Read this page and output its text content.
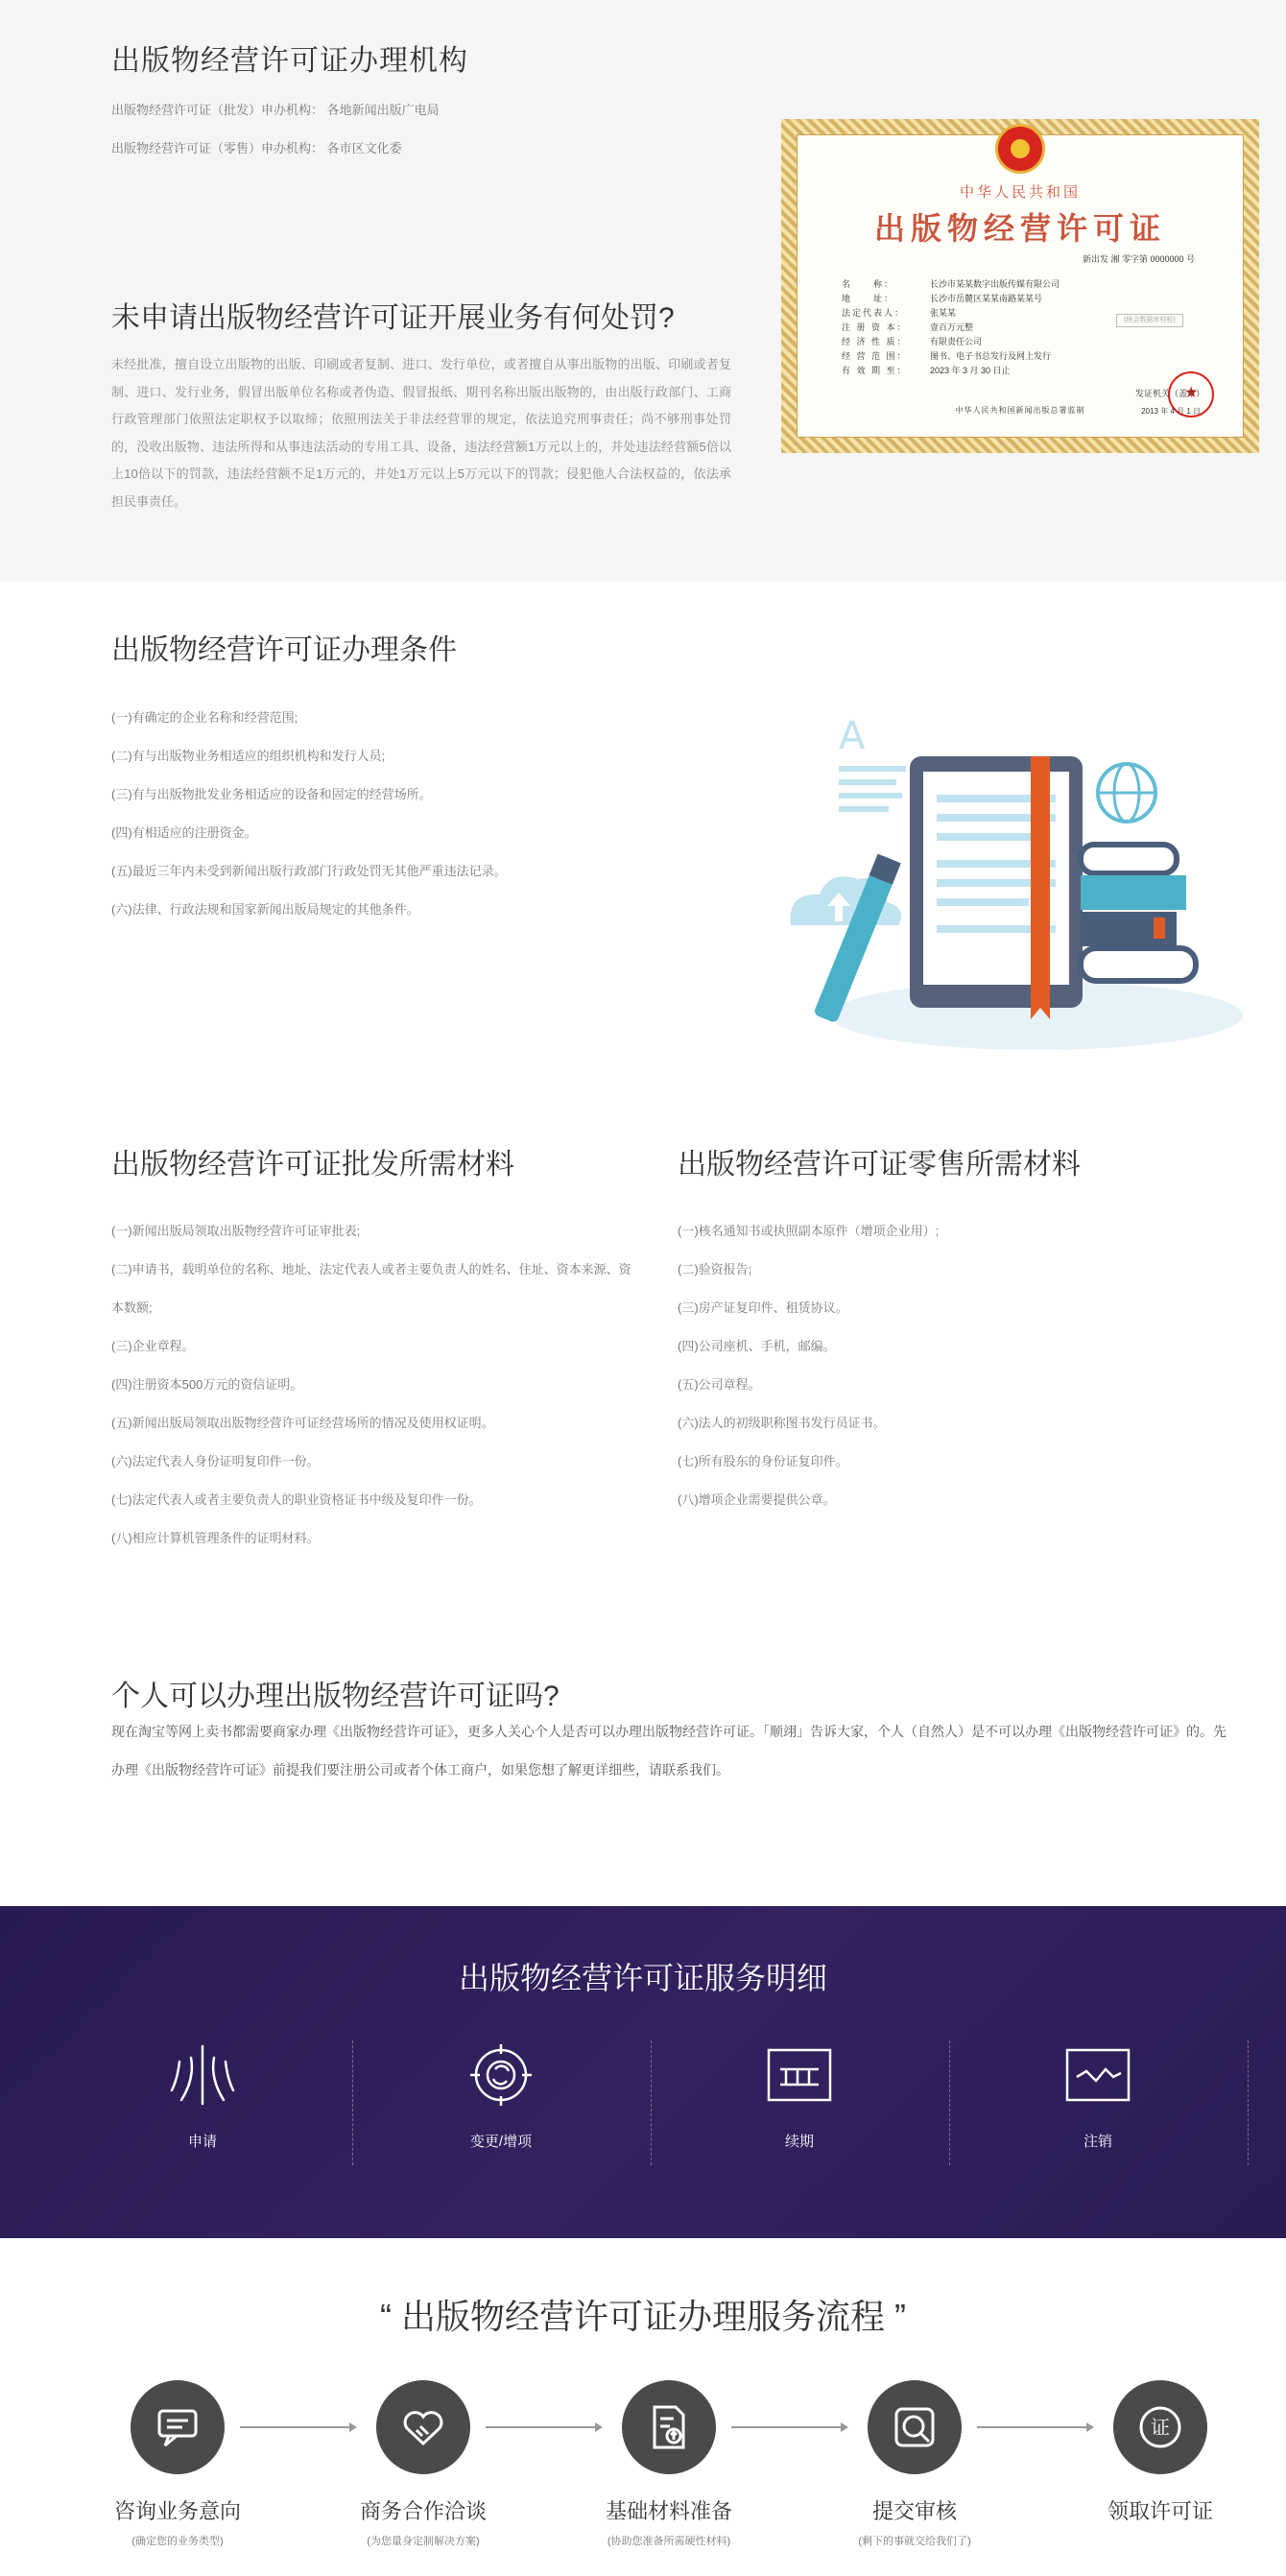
出版物经营许可证办理机构
出版物经营许可证（批发）申办机构： 各地新闻出版广电局
出版物经营许可证（零售）申办机构： 各市区文化委
未申请出版物经营许可证开展业务有何处罚?
未经批准，擅自设立出版物的出版、印刷或者复制、进口、发行单位，或者擅自从事出版物的出版、印刷或者复制、进口、发行业务，假冒出版单位名称或者伪造、假冒报纸、期刊名称出版出版物的，由出版行政部门、工商行政管理部门依照法定职权予以取缔；依照刑法关于非法经营罪的规定，依法追究刑事责任；尚不够刑事处罚的，没收出版物、违法所得和从事违法活动的专用工具、设备，违法经营额1万元以上的，并处违法经营额5倍以上10倍以下的罚款，违法经营额不足1万元的，并处1万元以上5万元以下的罚款；侵犯他人合法权益的，依法承担民事责任。
中华人民共和国
出版物经营许可证
新出发 湘 零字第 0000000 号
名　　称：	长沙市某某数字出版传媒有限公司
地　　址：	长沙市岳麓区某某南路某某号
法定代表人：	张某某
注 册 资 本：	壹百万元整
经 济 性 质：	有限责任公司
经 营 范 围：	图书、电子书总发行及网上发行
有 效 期 至：	2023 年 3 月 30 日止
(统会数据库校检)
★
发证机关（盖章）
2013 年 4 月 1 日
中华人民共和国新闻出版总署监制
出版物经营许可证办理条件
(一)有确定的企业名称和经营范围;
(二)有与出版物业务相适应的组织机构和发行人员;
(三)有与出版物批发业务相适应的设备和固定的经营场所。
(四)有相适应的注册资金。
(五)最近三年内未受到新闻出版行政部门行政处罚无其他严重违法记录。
(六)法律、行政法规和国家新闻出版局规定的其他条件。
A
出版物经营许可证批发所需材料
(一)新闻出版局领取出版物经营许可证审批表;
(二)申请书，载明单位的名称、地址、法定代表人或者主要负责人的姓名、住址、资本来源、资
本数额;
(三)企业章程。
(四)注册资本500万元的资信证明。
(五)新闻出版局领取出版物经营许可证经营场所的情况及使用权证明。
(六)法定代表人身份证明复印件一份。
(七)法定代表人或者主要负责人的职业资格证书中级及复印件一份。
(八)相应计算机管理条件的证明材料。
出版物经营许可证零售所需材料
(一)核名通知书或执照副本原件（增项企业用）;
(二)验资报告;
(三)房产证复印件、租赁协议。
(四)公司座机、手机，邮编。
(五)公司章程。
(六)法人的初级职称图书发行员证书。
(七)所有股东的身份证复印件。
(八)增项企业需要提供公章。
个人可以办理出版物经营许可证吗?

现在淘宝等网上卖书都需要商家办理《出版物经营许可证》，更多人关心个人是否可以办理出版物经营许可证。「顺翊」告诉大家，个人（自然人）是不可以办理《出版物经营许可证》的。先办理《出版物经营许可证》前提我们要注册公司或者个体工商户，如果您想了解更详细些，请联系我们。

出版物经营许可证服务明细
申请	变更/增项	续期	注销
“ 出版物经营许可证办理服务流程 ”
咨询业务意向
(确定您的业务类型)
商务合作洽谈
(为您量身定制解决方案)
基础材料准备
(协助您准备所需硬性材料)
提交审核
(剩下的事就交给我们了)
证
领取许可证
